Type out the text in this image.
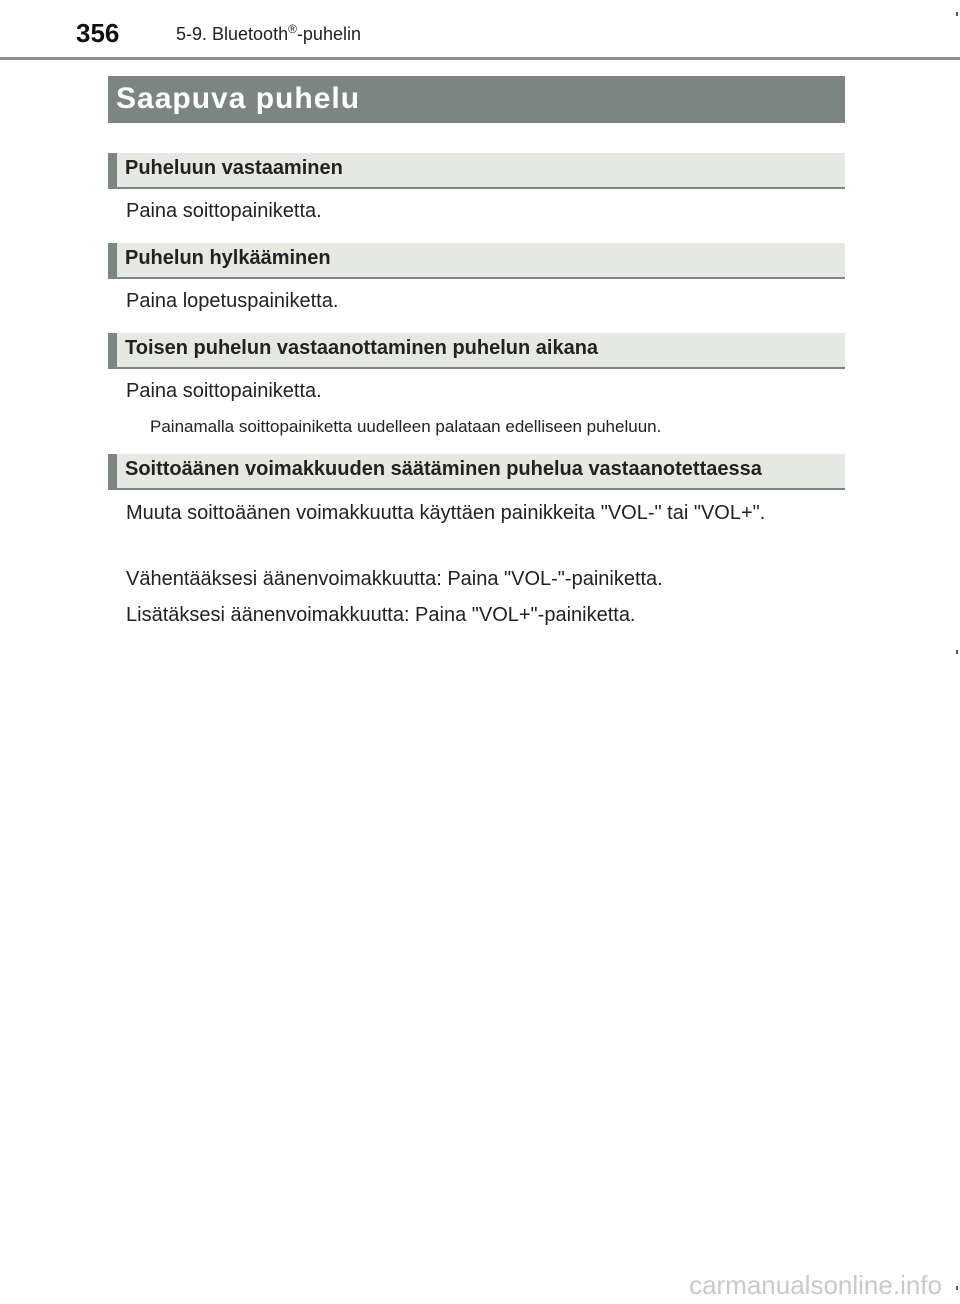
356	5-9. Bluetooth®-puhelin
Saapuva puhelu
Puheluun vastaaminen
Paina soittopainiketta.
Puhelun hylkääminen
Paina lopetuspainiketta.
Toisen puhelun vastaanottaminen puhelun aikana
Paina soittopainiketta.
Painamalla soittopainiketta uudelleen palataan edelliseen puheluun.
Soittoäänen voimakkuuden säätäminen puhelua vastaanotettaessa
Muuta soittoäänen voimakkuutta käyttäen painikkeita "VOL-" tai "VOL+".
Vähentääksesi äänenvoimakkuutta: Paina "VOL-"-painiketta.
Lisätäksesi äänenvoimakkuutta: Paina "VOL+"-painiketta.
carmanualsonline.info
